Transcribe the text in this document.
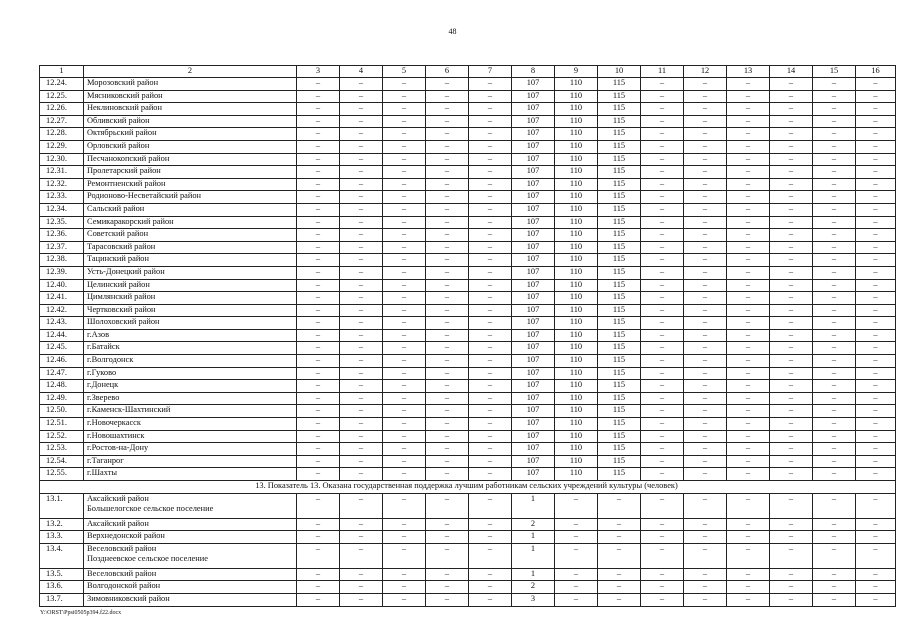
48
1	2	3	4	5	6	7	8	9	10	11	12	13	14	15	16
12.24.	Морозовский район	–	–	–	–	–	107	110	115	–	–	–	–	–	–
12.25.	Мясниковский район	–	–	–	–	–	107	110	115	–	–	–	–	–	–
12.26.	Неклиновский район	–	–	–	–	–	107	110	115	–	–	–	–	–	–
12.27.	Обливский район	–	–	–	–	–	107	110	115	–	–	–	–	–	–
12.28.	Октябрьский район	–	–	–	–	–	107	110	115	–	–	–	–	–	–
12.29.	Орловский район	–	–	–	–	–	107	110	115	–	–	–	–	–	–
12.30.	Песчанокопский район	–	–	–	–	–	107	110	115	–	–	–	–	–	–
12.31.	Пролетарский район	–	–	–	–	–	107	110	115	–	–	–	–	–	–
12.32.	Ремонтненский район	–	–	–	–	–	107	110	115	–	–	–	–	–	–
12.33.	Родионово-Несветайский район	–	–	–	–	–	107	110	115	–	–	–	–	–	–
12.34.	Сальский район	–	–	–	–	–	107	110	115	–	–	–	–	–	–
12.35.	Семикаракорский район	–	–	–	–	–	107	110	115	–	–	–	–	–	–
12.36.	Советский район	–	–	–	–	–	107	110	115	–	–	–	–	–	–
12.37.	Тарасовский район	–	–	–	–	–	107	110	115	–	–	–	–	–	–
12.38.	Тацинский район	–	–	–	–	–	107	110	115	–	–	–	–	–	–
12.39.	Усть-Донецкий район	–	–	–	–	–	107	110	115	–	–	–	–	–	–
12.40.	Целинский район	–	–	–	–	–	107	110	115	–	–	–	–	–	–
12.41.	Цимлянский район	–	–	–	–	–	107	110	115	–	–	–	–	–	–
12.42.	Чертковский район	–	–	–	–	–	107	110	115	–	–	–	–	–	–
12.43.	Шолоховский район	–	–	–	–	–	107	110	115	–	–	–	–	–	–
12.44.	г.Азов	–	–	–	–	–	107	110	115	–	–	–	–	–	–
12.45.	г.Батайск	–	–	–	–	–	107	110	115	–	–	–	–	–	–
12.46.	г.Волгодонск	–	–	–	–	–	107	110	115	–	–	–	–	–	–
12.47.	г.Гуково	–	–	–	–	–	107	110	115	–	–	–	–	–	–
12.48.	г.Донецк	–	–	–	–	–	107	110	115	–	–	–	–	–	–
12.49.	г.Зверево	–	–	–	–	–	107	110	115	–	–	–	–	–	–
12.50.	г.Каменск-Шахтинский	–	–	–	–	–	107	110	115	–	–	–	–	–	–
12.51.	г.Новочеркасск	–	–	–	–	–	107	110	115	–	–	–	–	–	–
12.52.	г.Новошахтинск	–	–	–	–	–	107	110	115	–	–	–	–	–	–
12.53.	г.Ростов-на-Дону	–	–	–	–	–	107	110	115	–	–	–	–	–	–
12.54.	г.Таганрог	–	–	–	–	–	107	110	115	–	–	–	–	–	–
12.55.	г.Шахты	–	–	–	–	–	107	110	115	–	–	–	–	–	–
13. Показатель 13. Оказана государственная поддержка лучшим работникам сельских учреждений культуры (человек)															
13.1.	Аксайский район
Большелогское сельское поселение	–	–	–	–	–	1	–	–	–	–	–	–	–	–
13.2.	Аксайский район	–	–	–	–	–	2	–	–	–	–	–	–	–	–
13.3.	Верхнедонской район	–	–	–	–	–	1	–	–	–	–	–	–	–	–
13.4.	Веселовский район
Позднеевское сельское поселение	–	–	–	–	–	1	–	–	–	–	–	–	–	–
13.5.	Веселовский район	–	–	–	–	–	1	–	–	–	–	–	–	–	–
13.6.	Волгодонской район	–	–	–	–	–	2	–	–	–	–	–	–	–	–
13.7.	Зимовниковский район	–	–	–	–	–	3	–	–	–	–	–	–	–	–
Y:\ORST\Ppsi0505p394.f22.docx
